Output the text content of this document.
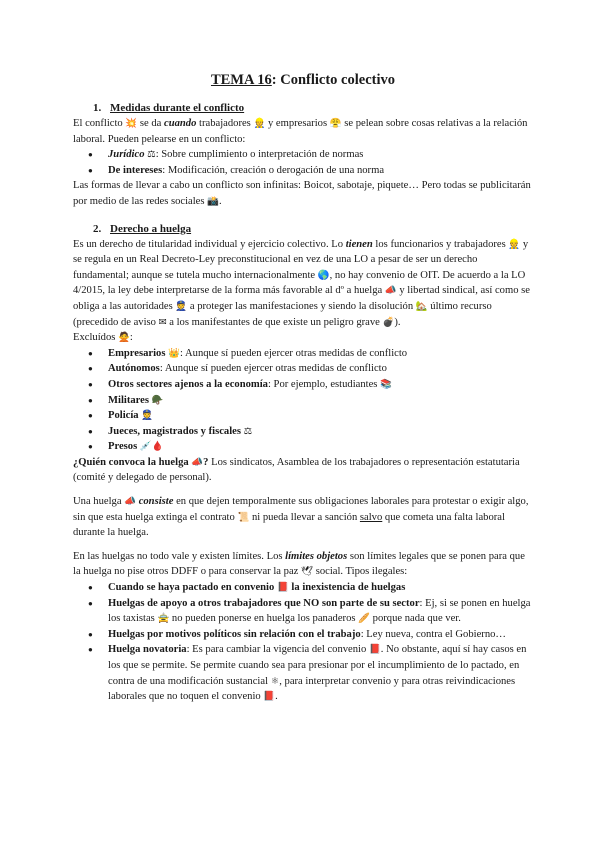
TEMA 16: Conflicto colectivo
1. Medidas durante el conflicto

El conflicto 💥 se da cuando trabajadores 👷 y empresarios 😤 se pelean sobre cosas relativas a la relación laboral. Pueden pelearse en un conflicto:

● Jurídico ⚖: Sobre cumplimiento o interpretación de normas
● De intereses: Modificación, creación o derogación de una norma

Las formas de llevar a cabo un conflicto son infinitas: Boicot, sabotaje, piquete… Pero todas se publicitarán por medio de las redes sociales 📸.

2. Derecho a huelga

Es un derecho de titularidad individual y ejercicio colectivo. Lo tienen los funcionarios y trabajadores 👷 y se regula en un Real Decreto-Ley preconstitucional en vez de una LO a pesar de ser un derecho fundamental; aunque se tutela mucho internacionalmente 🌎, no hay convenio de OIT. De acuerdo a la LO 4/2015, la ley debe interpretarse de la forma más favorable al dº a huelga 📣 y libertad sindical, así como se obliga a las autoridades 👮 a proteger las manifestaciones y siendo la disolución 🏡 último recurso (precedido de aviso ✉ a los manifestantes de que existe un peligro grave 💣).

Excluídos 🙅:

● Empresarios 👑: Aunque sí pueden ejercer otras medidas de conflicto
● Autónomos: Aunque sí pueden ejercer otras medidas de conflicto
● Otros sectores ajenos a la economía: Por ejemplo, estudiantes 📚
● Militares 🪖
● Policía 👮
● Jueces, magistrados y fiscales ⚖
● Presos 💉🩸

¿Quién convoca la huelga 📣? Los sindicatos, Asamblea de los trabajadores o representación estatutaria (comité y delegado de personal).

Una huelga 📣 consiste en que dejen temporalmente sus obligaciones laborales para protestar o exigir algo, sin que esta huelga extinga el contrato 📜 ni pueda llevar a sanción salvo que cometa una falta laboral durante la huelga.

En las huelgas no todo vale y existen límites. Los límites objetos son límites legales que se ponen para que la huelga no pise otros DDFF o para conservar la paz 🕊 social. Tipos ilegales:

● Cuando se haya pactado en convenio 📕 la inexistencia de huelgas
● Huelgas de apoyo a otros trabajadores que NO son parte de su sector: Ej, si se ponen en huelga los taxistas 🚖 no pueden ponerse en huelga los panaderos 🥖 porque nada que ver.
● Huelgas por motivos políticos sin relación con el trabajo: Ley nueva, contra el Gobierno…
● Huelga novatoria: Es para cambiar la vigencia del convenio 📕. No obstante, aquí sí hay casos en los que se permite. Se permite cuando sea para presionar por el incumplimiento de lo pactado, en contra de una modificación sustancial ⚛, para interpretar convenio y para otras reivindicaciones laborales que no toquen el convenio 📕.
